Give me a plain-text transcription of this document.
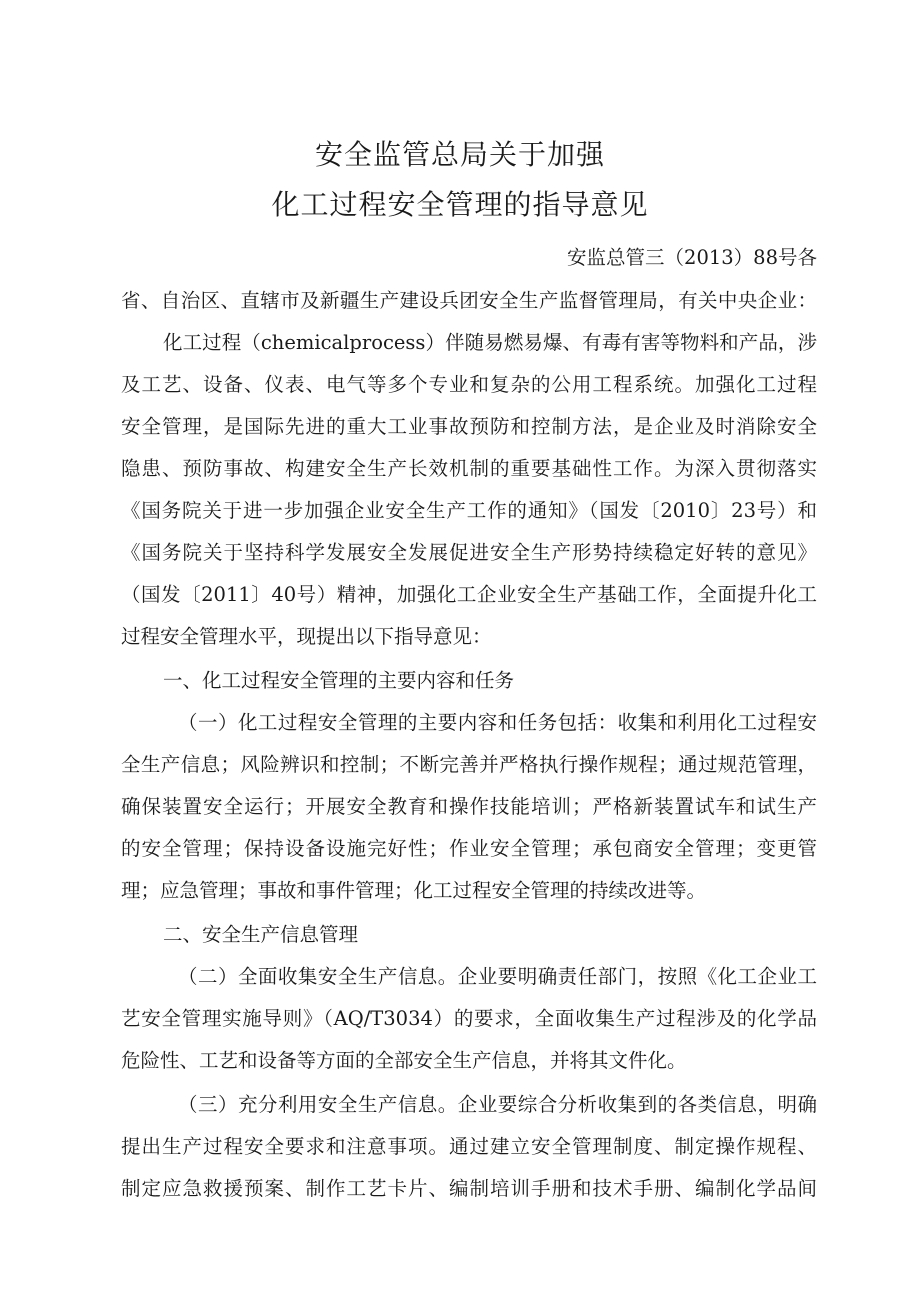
安全监管总局关于加强
化工过程安全管理的指导意见
安监总管三（2013）88号各
省、自治区、直辖市及新疆生产建设兵团安全生产监督管理局，有关中央企业：
化工过程（chemicalprocess）伴随易燃易爆、有毒有害等物料和产品，涉
及工艺、设备、仪表、电气等多个专业和复杂的公用工程系统。加强化工过程
安全管理，是国际先进的重大工业事故预防和控制方法，是企业及时消除安全
隐患、预防事故、构建安全生产长效机制的重要基础性工作。为深入贯彻落实
《国务院关于进一步加强企业安全生产工作的通知》（国发〔2010〕23号）和
《国务院关于坚持科学发展安全发展促进安全生产形势持续稳定好转的意见》
（国发〔2011〕40号）精神，加强化工企业安全生产基础工作，全面提升化工
过程安全管理水平，现提出以下指导意见：
一、化工过程安全管理的主要内容和任务
（一）化工过程安全管理的主要内容和任务包括：收集和利用化工过程安
全生产信息；风险辨识和控制；不断完善并严格执行操作规程；通过规范管理，
确保装置安全运行；开展安全教育和操作技能培训；严格新装置试车和试生产
的安全管理；保持设备设施完好性；作业安全管理；承包商安全管理；变更管
理；应急管理；事故和事件管理；化工过程安全管理的持续改进等。
二、安全生产信息管理
（二）全面收集安全生产信息。企业要明确责任部门，按照《化工企业工
艺安全管理实施导则》（AQ/T3034）的要求，全面收集生产过程涉及的化学品
危险性、工艺和设备等方面的全部安全生产信息，并将其文件化。
（三）充分利用安全生产信息。企业要综合分析收集到的各类信息，明确
提出生产过程安全要求和注意事项。通过建立安全管理制度、制定操作规程、
制定应急救援预案、制作工艺卡片、编制培训手册和技术手册、编制化学品间
